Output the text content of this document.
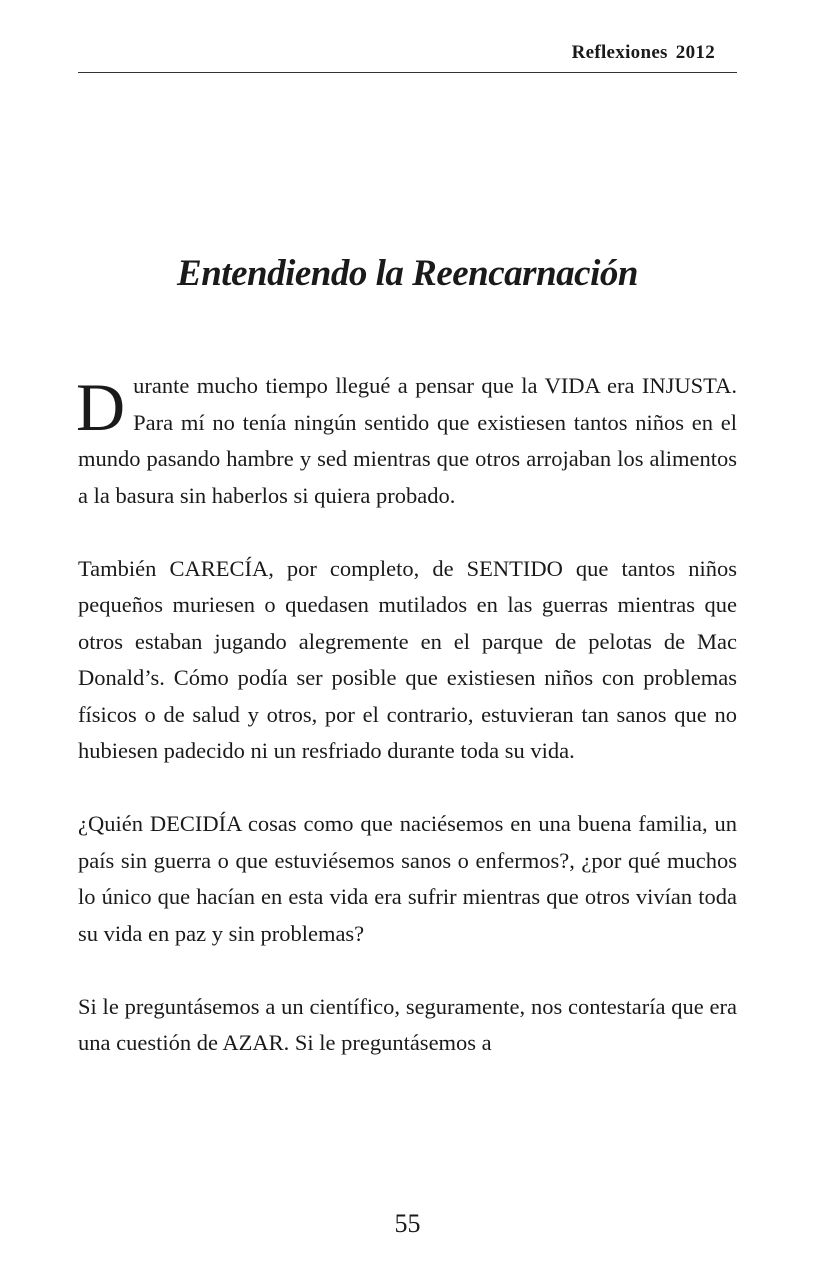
Reflexiones 2012
Entendiendo la Reencarnación

Durante mucho tiempo llegué a pensar que la VIDA era INJUSTA. Para mí no tenía ningún sentido que existiesen tantos niños en el mundo pasando hambre y sed mientras que otros arrojaban los alimentos a la basura sin haberlos si quiera probado.

También CARECÍA, por completo, de SENTIDO que tantos niños pequeños muriesen o quedasen mutilados en las guerras mientras que otros estaban jugando alegremente en el parque de pelotas de Mac Donald’s. Cómo podía ser posible que existiesen niños con problemas físicos o de salud y otros, por el contrario, estuvieran tan sanos que no hubiesen padecido ni un resfriado durante toda su vida.

¿Quién DECIDÍA cosas como que naciésemos en una buena familia, un país sin guerra o que estuviésemos sanos o enfermos?, ¿por qué muchos lo único que hacían en esta vida era sufrir mientras que otros vivían toda su vida en paz y sin problemas?

Si le preguntásemos a un científico, seguramente, nos contestaría que era una cuestión de AZAR. Si le preguntásemos a

55
